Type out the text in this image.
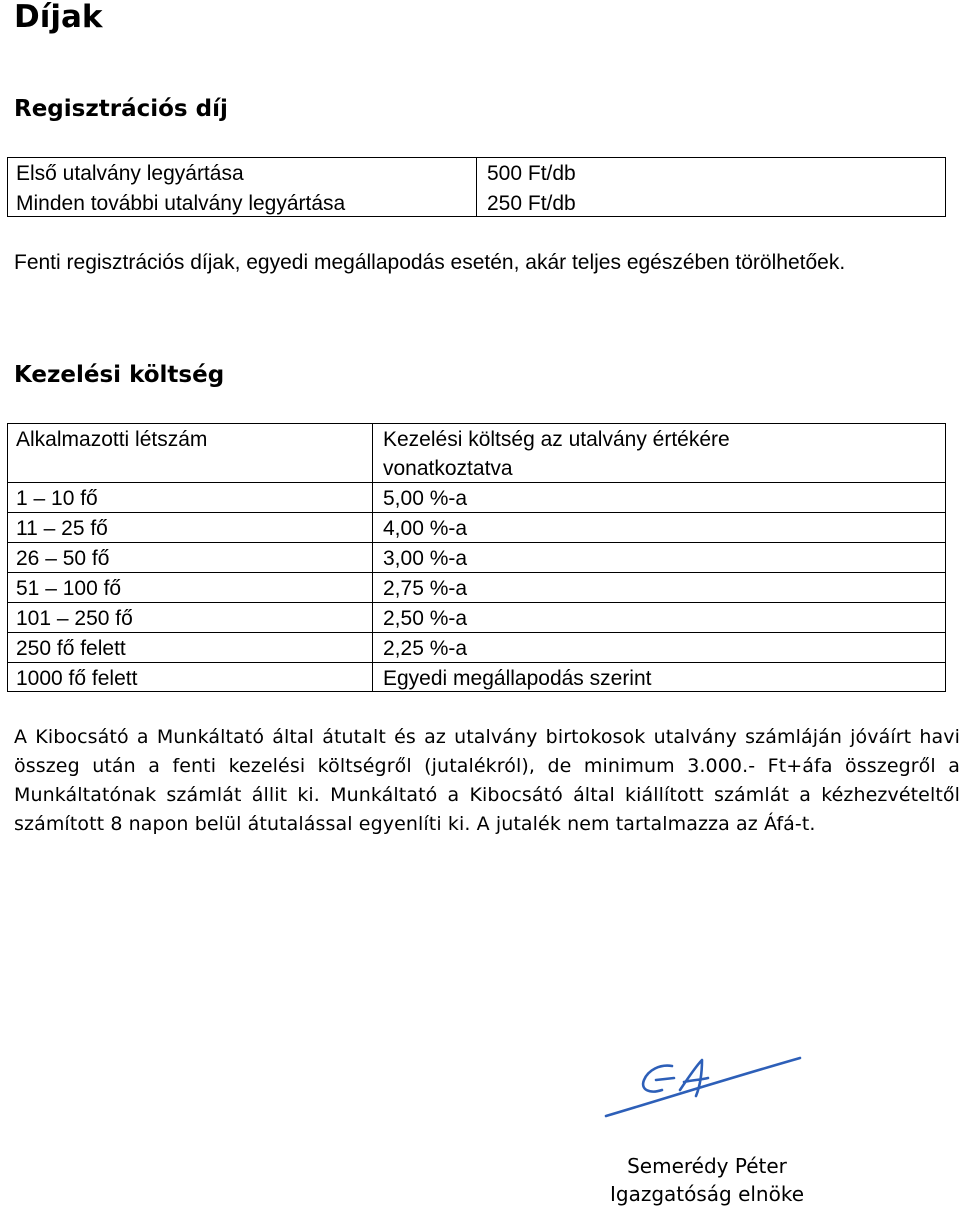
Díjak
Regisztrációs díj
Első utalvány legyártása	500 Ft/db
Minden további utalvány legyártása	250 Ft/db
Fenti regisztrációs díjak, egyedi megállapodás esetén, akár teljes egészében törölhetőek.
Kezelési költség
Alkalmazotti létszám	Kezelési költség az utalvány értékére
vonatkoztatva
1 – 10 fő	5,00 %-a
11 – 25 fő	4,00 %-a
26 – 50 fő	3,00 %-a
51 – 100 fő	2,75 %-a
101 – 250 fő	2,50 %-a
250 fő felett	2,25 %-a
1000 fő felett	Egyedi megállapodás szerint
A Kibocsátó a Munkáltató által átutalt és az utalvány birtokosok utalvány számláján jóváírt havi összeg után a fenti kezelési költségről (jutalékról), de minimum 3.000.- Ft+áfa összegről a Munkáltatónak számlát állit ki. Munkáltató a Kibocsátó által kiállított számlát a kézhezvételtől számított 8 napon belül átutalással egyenlíti ki. A jutalék nem tartalmazza az Áfá-t.
Semerédy Péter
Igazgatóság elnöke
